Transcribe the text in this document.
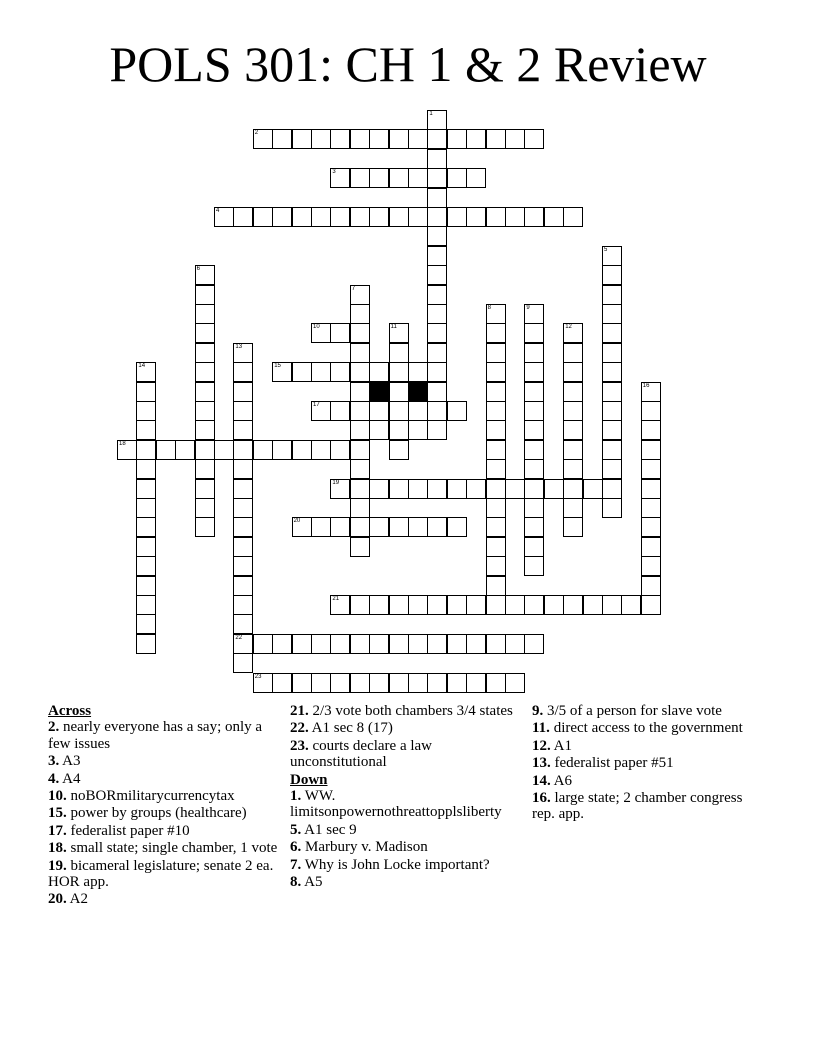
POLS 301: CH 1 & 2 Review
1
2
3
4
5
6
7
8	9
10	11	12
13
22
14	15
16
17
18
19
20
21
23
Across
2. nearly everyone has a say; only a few issues
3. A3
4. A4
10. noBORmilitarycurrencytax
15. power by groups (healthcare)
17. federalist paper #10
18. small state; single chamber, 1 vote
19. bicameral legislature; senate 2 ea. HOR app.
20. A2
21. 2/3 vote both chambers 3/4 states
22. A1 sec 8 (17)
23. courts declare a law unconstitutional
Down
1. WW. limitsonpowernothreattopplsliberty
5. A1 sec 9
6. Marbury v. Madison
7. Why is John Locke important?
8. A5
9. 3/5 of a person for slave vote
11. direct access to the government
12. A1
13. federalist paper #51
14. A6
16. large state; 2 chamber congress rep. app.
